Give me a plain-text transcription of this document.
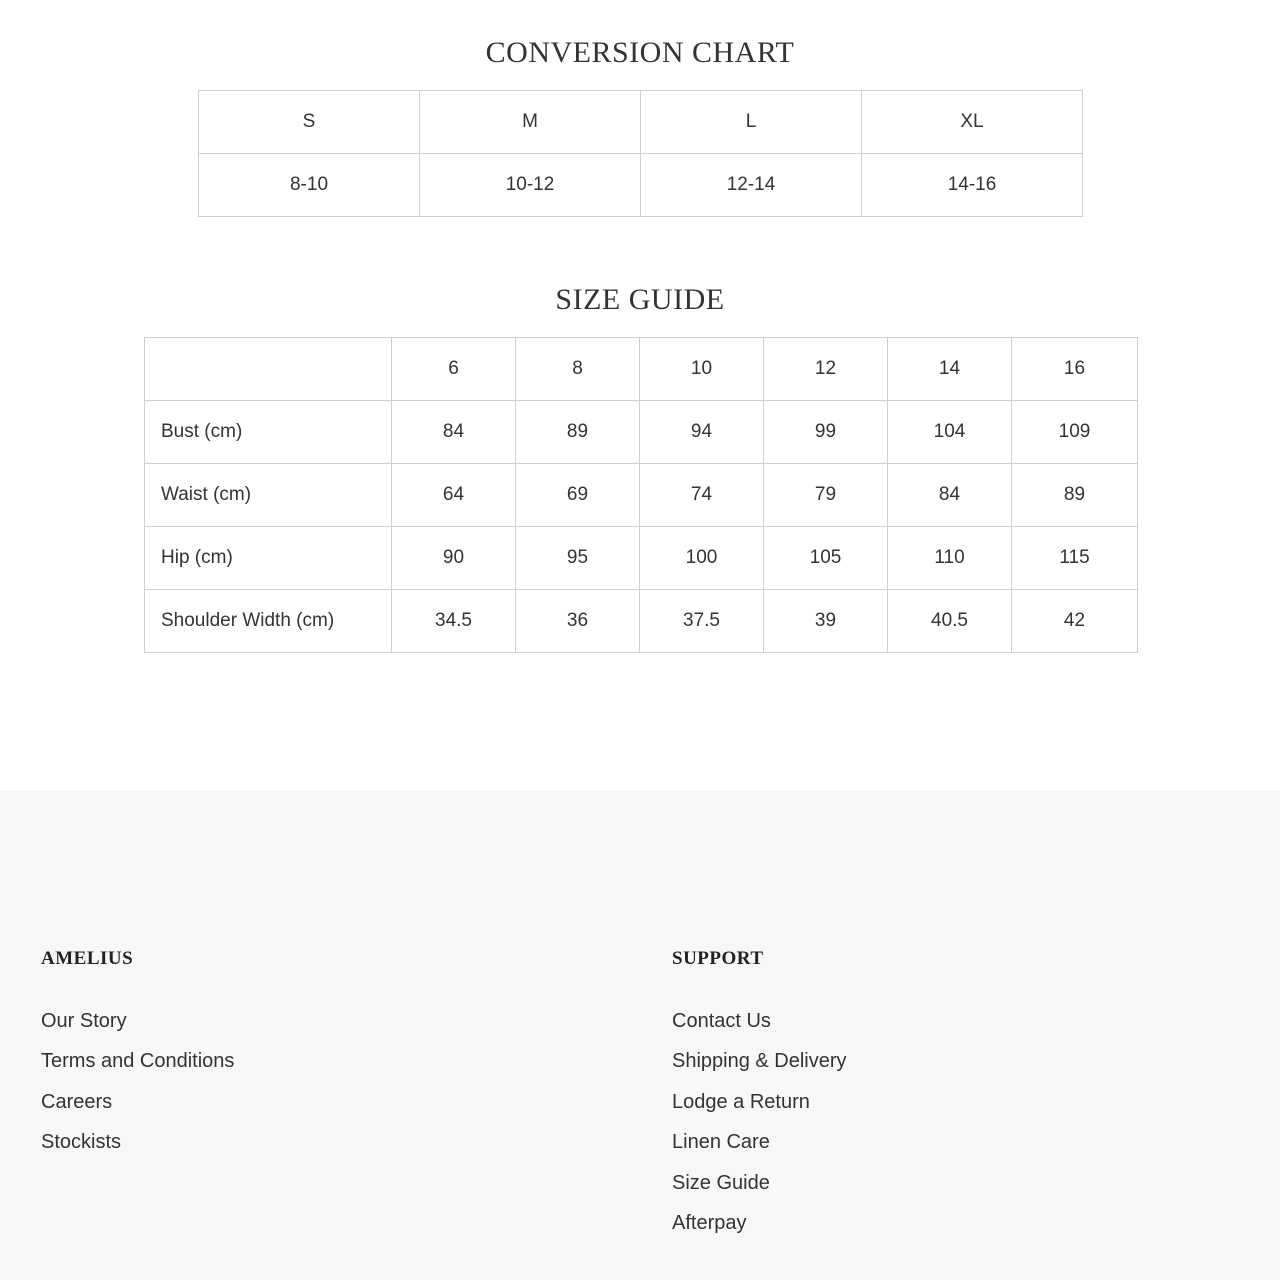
CONVERSION CHART
S	M	L	XL
8-10	10-12	12-14	14-16
SIZE GUIDE
	6	8	10	12	14	16
Bust (cm)	84	89	94	99	104	109
Waist (cm)	64	69	74	79	84	89
Hip (cm)	90	95	100	105	110	115
Shoulder Width (cm)	34.5	36	37.5	39	40.5	42
AMELIUS
Our Story
Terms and Conditions
Careers
Stockists
SUPPORT
Contact Us
Shipping & Delivery
Lodge a Return
Linen Care
Size Guide
Afterpay
